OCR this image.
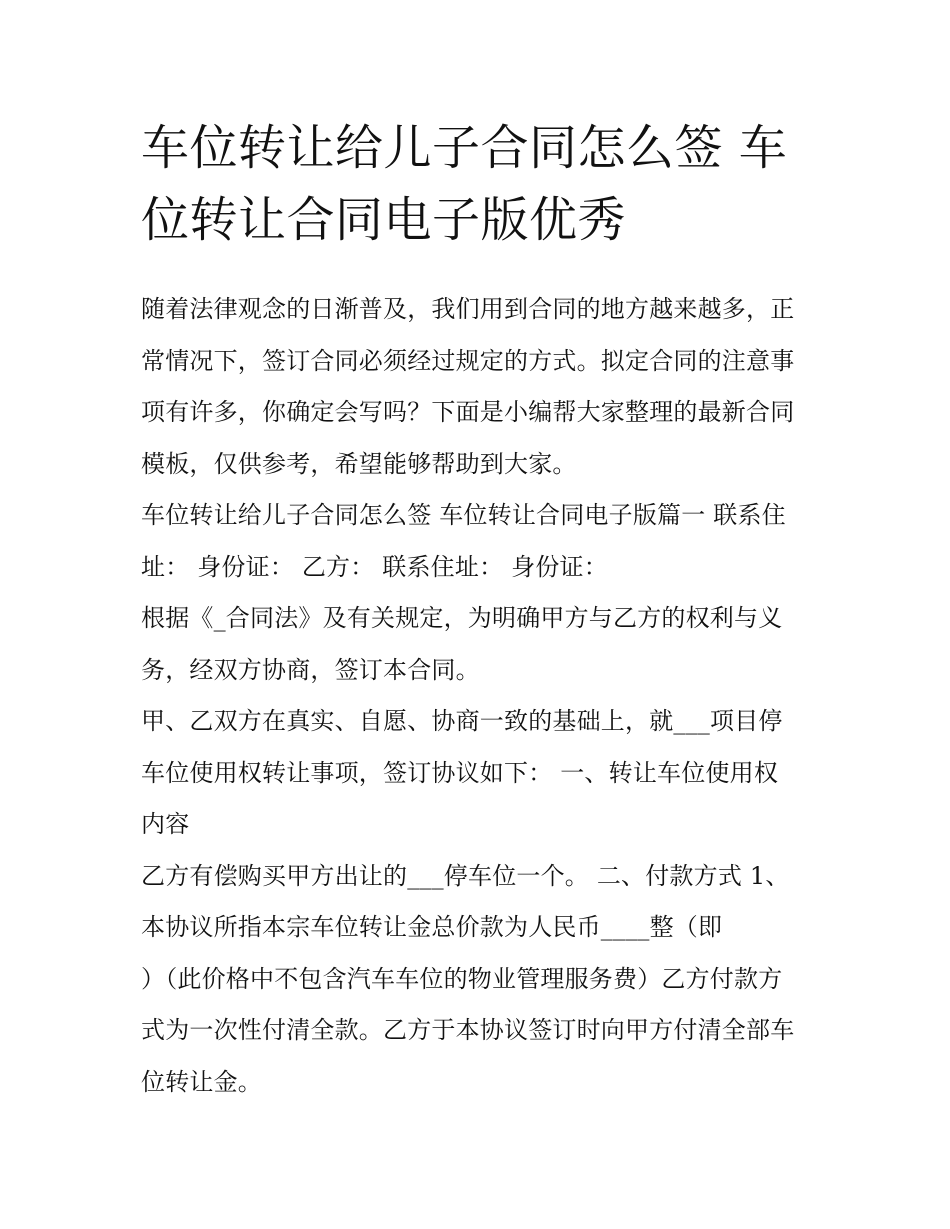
车位转让给儿子合同怎么签 车
位转让合同电子版优秀
随着法律观念的日渐普及，我们用到合同的地方越来越多，正
常情况下，签订合同必须经过规定的方式。拟定合同的注意事
项有许多，你确定会写吗？下面是小编帮大家整理的最新合同
模板，仅供参考，希望能够帮助到大家。
车位转让给儿子合同怎么签 车位转让合同电子版篇一 联系住
址： 身份证： 乙方： 联系住址： 身份证：
根据《_合同法》及有关规定，为明确甲方与乙方的权利与义
务，经双方协商，签订本合同。
甲、乙双方在真实、自愿、协商一致的基础上，就___项目停
车位使用权转让事项，签订协议如下： 一、转让车位使用权
内容
乙方有偿购买甲方出让的___停车位一个。 二、付款方式 1、
本协议所指本宗车位转让金总价款为人民币____整（即
）（此价格中不包含汽车车位的物业管理服务费）乙方付款方
式为一次性付清全款。乙方于本协议签订时向甲方付清全部车
位转让金。
